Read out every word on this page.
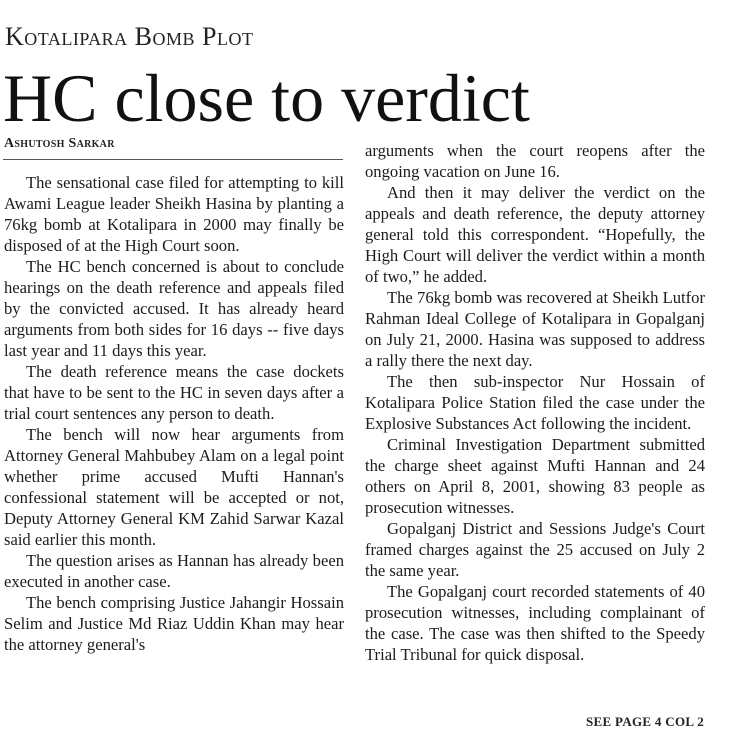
Kotalipara Bomb Plot
HC close to verdict
Ashutosh Sarkar

The sensational case filed for attempting to kill Awami League leader Sheikh Hasina by planting a 76kg bomb at Kotalipara in 2000 may finally be disposed of at the High Court soon.

The HC bench concerned is about to conclude hearings on the death reference and appeals filed by the convicted accused. It has already heard arguments from both sides for 16 days -- five days last year and 11 days this year.

The death reference means the case dockets that have to be sent to the HC in seven days after a trial court sentences any person to death.

The bench will now hear arguments from Attorney General Mahbubey Alam on a legal point whether prime accused Mufti Hannan's confessional statement will be accepted or not, Deputy Attorney General KM Zahid Sarwar Kazal said earlier this month.

The question arises as Hannan has already been executed in another case.

The bench comprising Justice Jahangir Hossain Selim and Justice Md Riaz Uddin Khan may hear the attorney general's

arguments when the court reopens after the ongoing vacation on June 16.

And then it may deliver the verdict on the appeals and death reference, the deputy attorney general told this correspondent. “Hopefully, the High Court will deliver the verdict within a month of two,” he added.

The 76kg bomb was recovered at Sheikh Lutfor Rahman Ideal College of Kotalipara in Gopalganj on July 21, 2000. Hasina was supposed to address a rally there the next day.

The then sub-inspector Nur Hossain of Kotalipara Police Station filed the case under the Explosive Substances Act following the incident.

Criminal Investigation Department submitted the charge sheet against Mufti Hannan and 24 others on April 8, 2001, showing 83 people as prosecution witnesses.

Gopalganj District and Sessions Judge's Court framed charges against the 25 accused on July 2 the same year.

The Gopalganj court recorded statements of 40 prosecution witnesses, including complainant of the case. The case was then shifted to the Speedy Trial Tribunal for quick disposal.

SEE PAGE 4 COL 2
